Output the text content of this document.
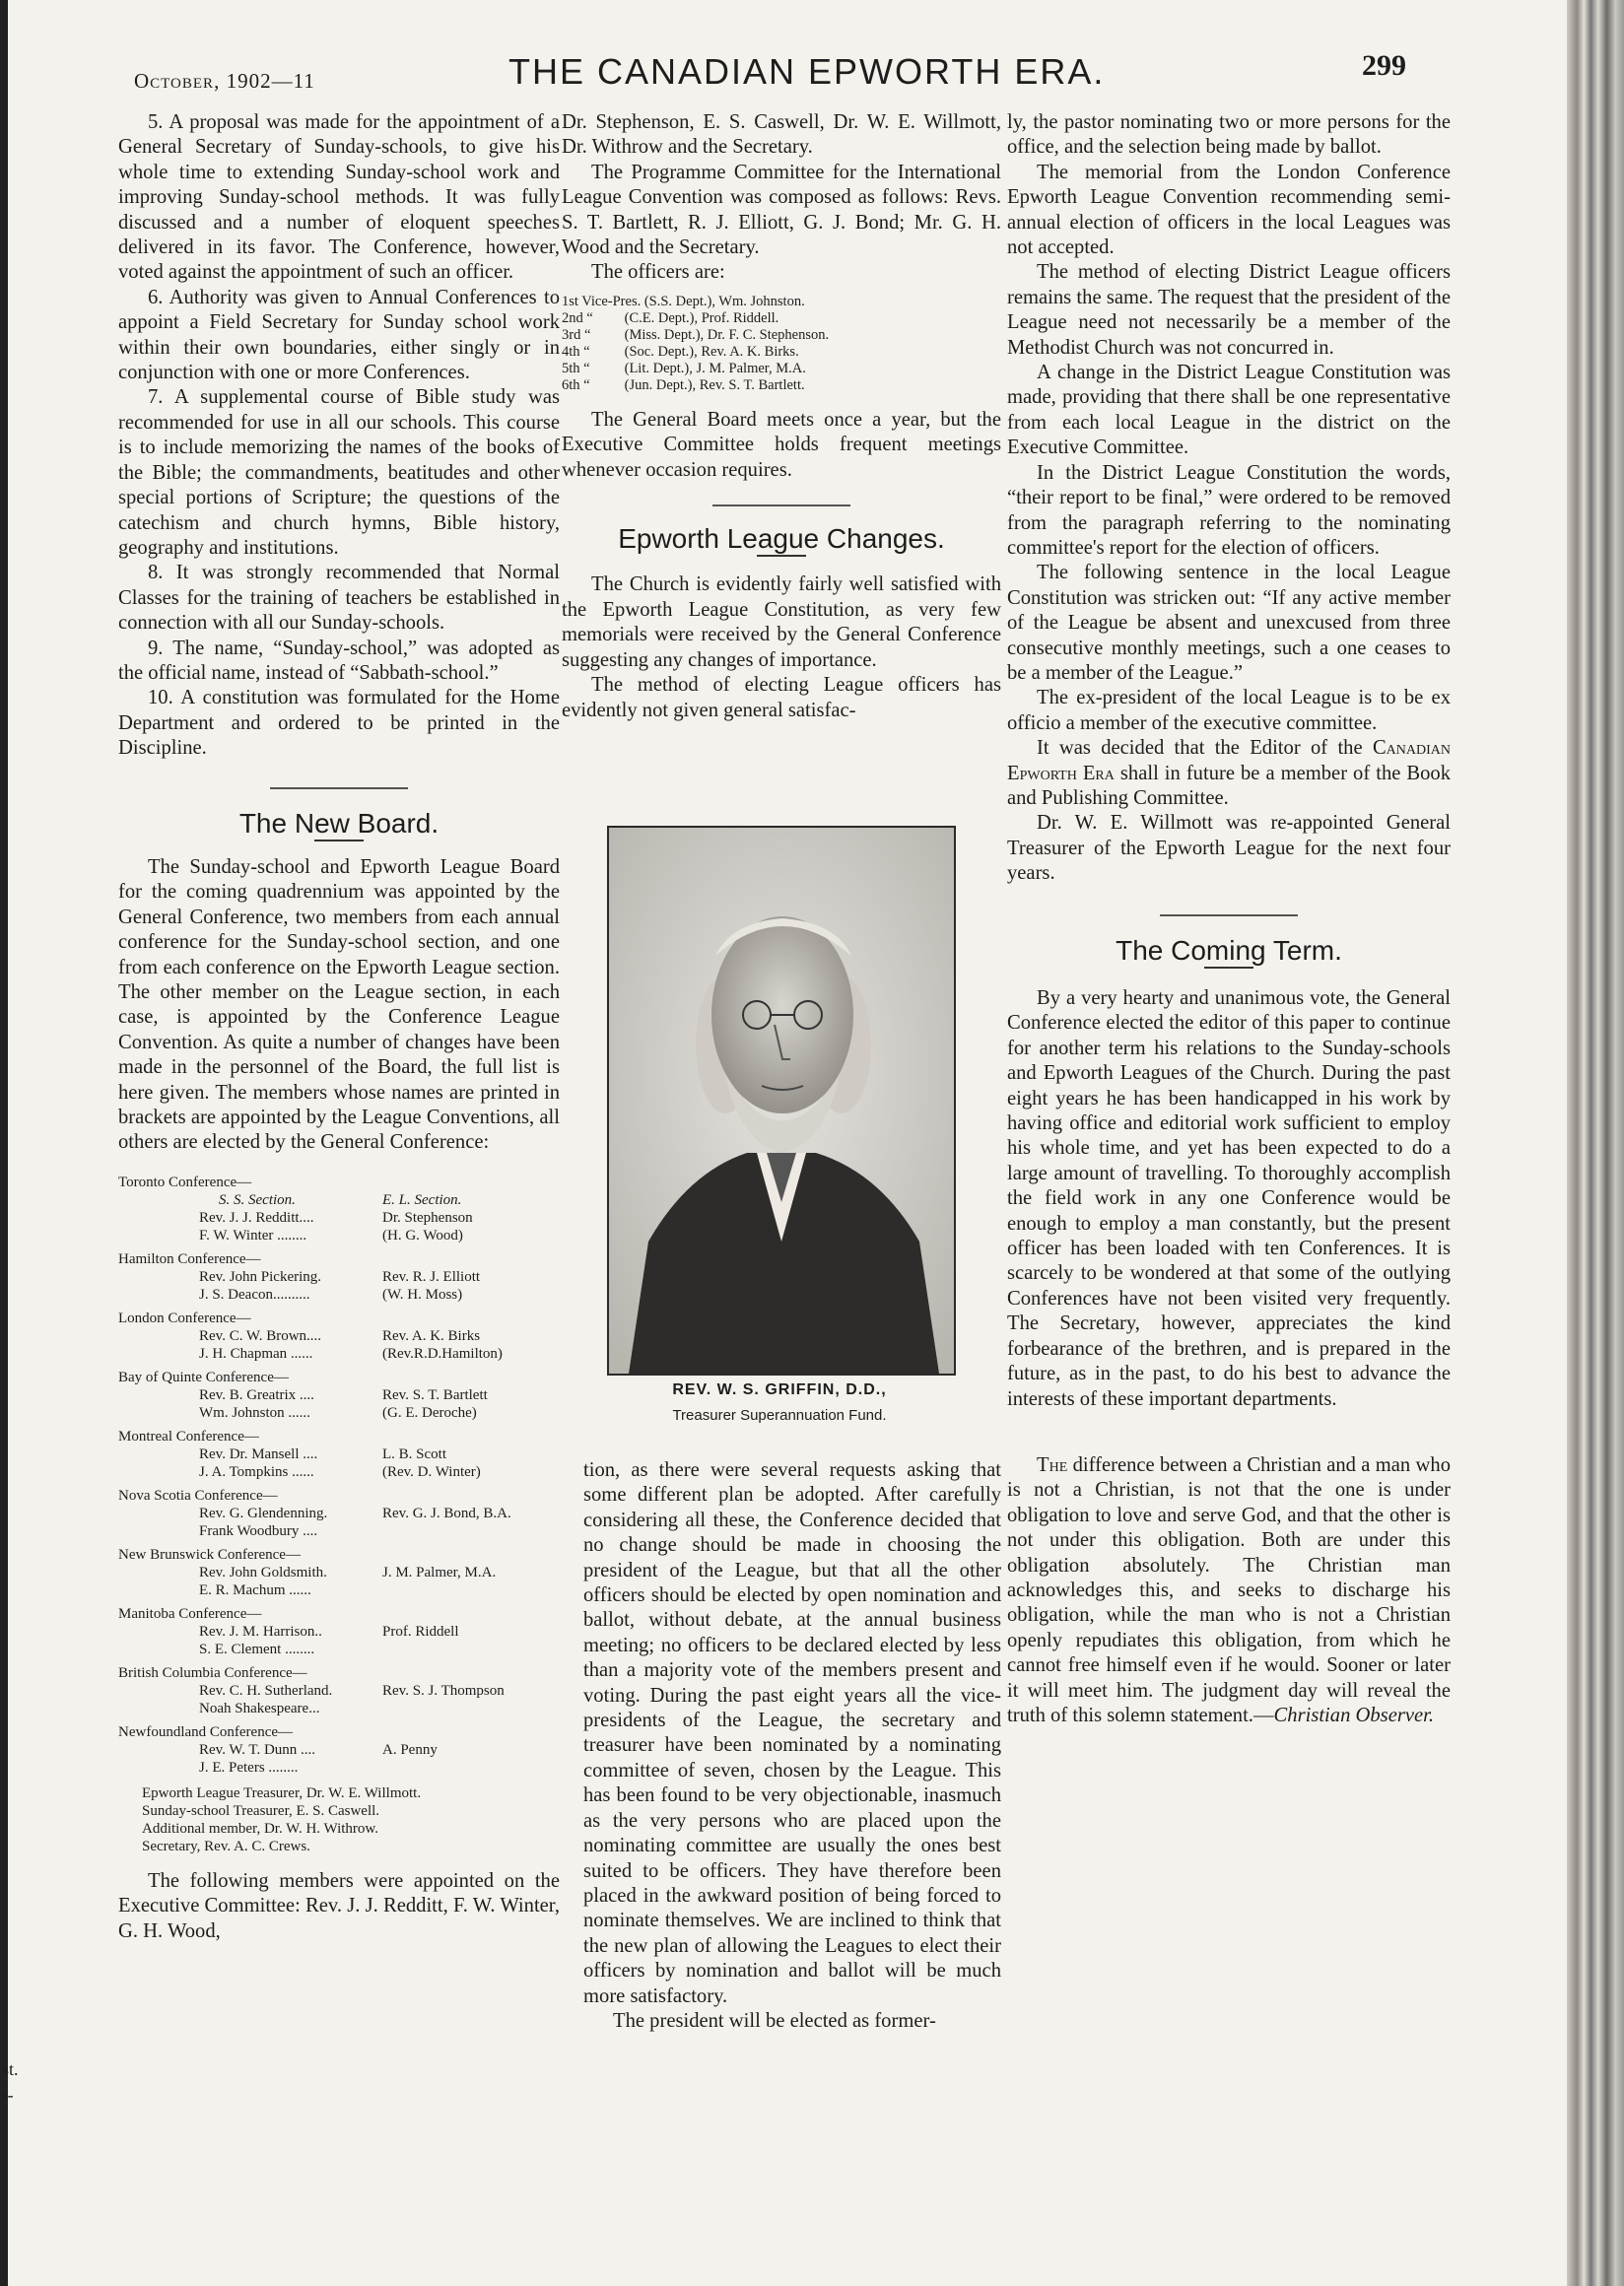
st.
r-
October, 1902—11	THE CANADIAN EPWORTH ERA.	299

5. A proposal was made for the appointment of a General Secretary of Sunday-schools, to give his whole time to extending Sunday-school work and improving Sunday-school methods. It was fully discussed and a number of eloquent speeches delivered in its favor. The Conference, however, voted against the appointment of such an officer.

6. Authority was given to Annual Conferences to appoint a Field Secretary for Sunday school work within their own boundaries, either singly or in conjunction with one or more Conferences.

7. A supplemental course of Bible study was recommended for use in all our schools. This course is to include memorizing the names of the books of the Bible; the commandments, beatitudes and other special portions of Scripture; the questions of the catechism and church hymns, Bible history, geography and institutions.

8. It was strongly recommended that Normal Classes for the training of teachers be established in connection with all our Sunday-schools.

9. The name, “Sunday-school,” was adopted as the official name, instead of “Sabbath-school.”

10. A constitution was formulated for the Home Department and ordered to be printed in the Discipline.

The New Board.

The Sunday-school and Epworth League Board for the coming quadrennium was appointed by the General Conference, two members from each annual conference for the Sunday-school section, and one from each conference on the Epworth League section. The other member on the League section, in each case, is appointed by the Conference League Convention. As quite a number of changes have been made in the personnel of the Board, the full list is here given. The members whose names are printed in brackets are appointed by the League Conventions, all others are elected by the General Conference:

Toronto Conference—
S. S. Section.	E. L. Section.
Rev. J. J. Redditt....	Dr. Stephenson
F. W. Winter ........	(H. G. Wood)
Hamilton Conference—
Rev. John Pickering.	Rev. R. J. Elliott
J. S. Deacon..........	(W. H. Moss)
London Conference—
Rev. C. W. Brown....	Rev. A. K. Birks
J. H. Chapman ......	(Rev.R.D.Hamilton)
Bay of Quinte Conference—
Rev. B. Greatrix ....	Rev. S. T. Bartlett
Wm. Johnston ......	(G. E. Deroche)
Montreal Conference—
Rev. Dr. Mansell ....	L. B. Scott
J. A. Tompkins ......	(Rev. D. Winter)
Nova Scotia Conference—
Rev. G. Glendenning.	Rev. G. J. Bond, B.A.
Frank Woodbury ....
New Brunswick Conference—
Rev. John Goldsmith.	J. M. Palmer, M.A.
E. R. Machum ......
Manitoba Conference—
Rev. J. M. Harrison..	Prof. Riddell
S. E. Clement ........
British Columbia Conference—
Rev. C. H. Sutherland.	Rev. S. J. Thompson
Noah Shakespeare...
Newfoundland Conference—
Rev. W. T. Dunn ....	A. Penny
J. E. Peters ........
Epworth League Treasurer, Dr. W. E. Willmott.
Sunday-school Treasurer, E. S. Caswell.
Additional member, Dr. W. H. Withrow.
Secretary, Rev. A. C. Crews.

The following members were appointed on the Executive Committee: Rev. J. J. Redditt, F. W. Winter, G. H. Wood,

Dr. Stephenson, E. S. Caswell, Dr. W. E. Willmott, Dr. Withrow and the Secretary.

The Programme Committee for the International League Convention was composed as follows: Revs. S. T. Bartlett, R. J. Elliott, G. J. Bond; Mr. G. H. Wood and the Secretary.

The officers are:

1st Vice-Pres. (S.S. Dept.), Wm. Johnston.
2nd “ (C.E. Dept.), Prof. Riddell.
3rd “ (Miss. Dept.), Dr. F. C. Stephenson.
4th “ (Soc. Dept.), Rev. A. K. Birks.
5th “ (Lit. Dept.), J. M. Palmer, M.A.
6th “ (Jun. Dept.), Rev. S. T. Bartlett.

The General Board meets once a year, but the Executive Committee holds frequent meetings whenever occasion requires.

Epworth League Changes.

The Church is evidently fairly well satisfied with the Epworth League Constitution, as very few memorials were received by the General Conference suggesting any changes of importance.

The method of electing League officers has evidently not given general satisfac-

REV. W. S. GRIFFIN, D.D.,
Treasurer Superannuation Fund.

tion, as there were several requests asking that some different plan be adopted. After carefully considering all these, the Conference decided that no change should be made in choosing the president of the League, but that all the other officers should be elected by open nomination and ballot, without debate, at the annual business meeting; no officers to be declared elected by less than a majority vote of the members present and voting. During the past eight years all the vice-presidents of the League, the secretary and treasurer have been nominated by a nominating committee of seven, chosen by the League. This has been found to be very objectionable, inasmuch as the very persons who are placed upon the nominating committee are usually the ones best suited to be officers. They have therefore been placed in the awkward position of being forced to nominate themselves. We are inclined to think that the new plan of allowing the Leagues to elect their officers by nomination and ballot will be much more satisfactory.

The president will be elected as former-

ly, the pastor nominating two or more persons for the office, and the selection being made by ballot.

The memorial from the London Conference Epworth League Convention recommending semi-annual election of officers in the local Leagues was not accepted.

The method of electing District League officers remains the same. The request that the president of the League need not necessarily be a member of the Methodist Church was not concurred in.

A change in the District League Constitution was made, providing that there shall be one representative from each local League in the district on the Executive Committee.

In the District League Constitution the words, “their report to be final,” were ordered to be removed from the paragraph referring to the nominating committee's report for the election of officers.

The following sentence in the local League Constitution was stricken out: “If any active member of the League be absent and unexcused from three consecutive monthly meetings, such a one ceases to be a member of the League.”

The ex-president of the local League is to be ex officio a member of the executive committee.

It was decided that the Editor of the Canadian Epworth Era shall in future be a member of the Book and Publishing Committee.

Dr. W. E. Willmott was re-appointed General Treasurer of the Epworth League for the next four years.

The Coming Term.

By a very hearty and unanimous vote, the General Conference elected the editor of this paper to continue for another term his relations to the Sunday-schools and Epworth Leagues of the Church. During the past eight years he has been handicapped in his work by having office and editorial work sufficient to employ his whole time, and yet has been expected to do a large amount of travelling. To thoroughly accomplish the field work in any one Conference would be enough to employ a man constantly, but the present officer has been loaded with ten Conferences. It is scarcely to be wondered at that some of the outlying Conferences have not been visited very frequently. The Secretary, however, appreciates the kind forbearance of the brethren, and is prepared in the future, as in the past, to do his best to advance the interests of these important departments.

The difference between a Christian and a man who is not a Christian, is not that the one is under obligation to love and serve God, and that the other is not under this obligation. Both are under this obligation absolutely. The Christian man acknowledges this, and seeks to discharge his obligation, while the man who is not a Christian openly repudiates this obligation, from which he cannot free himself even if he would. Sooner or later it will meet him. The judgment day will reveal the truth of this solemn statement.—Christian Observer.
